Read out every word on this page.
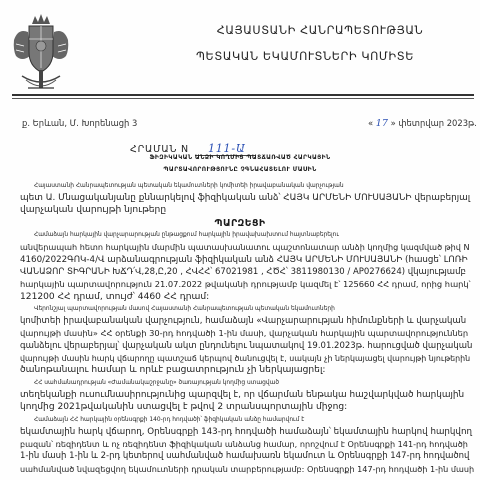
ՀԱՅԱՍՏԱՆԻ ՀԱՆՐԱՊԵՏՈՒԹՅԱՆ
ՊԵՏԱԿԱՆ ԵԿԱՄՈՒՏՆԵՐԻ ԿՈՄԻՏԵ
ք. Երևան, Մ. Խորենացի 3	« 17 » փետրվար 2023թ.
ՀՐԱՄԱՆ N 111-Ա
ՖԻԶԻԿԱԿԱՆ ԱՆՁԻ ԿՈՂՄԻՑ ՊԱՏՃԱՌՎԱԾ ՀԱՐԿԱՅԻՆ
ՊԱՐՏԱՎՈՐՈՒԹՅՈՒՆԸ ՉԳՆԱՀԱՏԵԼՈՒ ՄԱՍԻՆ
Հայաստանի Հանրապետության պետական եկամուտների կոմիտեի իրավաբանական վարչության
պետ Ա. Մնացականյանը քննարկելով ֆիզիկական անձ՝ ՀԱՅԿ ԱՐՄԵՆԻ ՄՈՒՍԱՅԱՆԻ վերաբերյալ
վարչական վարույթի նյութերը
ՊԱՐԶԵՑԻ
Համաձայն հարկային վարչարարության ընթացքում հարկային իրավախախտում հայտնաբերելու
անվերապահ հետո հարկային մարմին պատասխանատու պաշտոնատար անձի կողմից կազմված թիվ N
4160/2022ԳՈԿ-4/Վ արձանագրության ֆիզիկական անձ ՀԱՅԿ ԱՐՄԵՆԻ ՄՈՒՍԱՅԱՆԻ (հասցե՝ ԼՈՌԻ
ՎԱՆԱՁՈՐ ՏԻԳՐԱՆԻ ԽՃԴ՛Վ,28,Ը,20 , ՀՎՀՀ՝ 67021981 , ՀԾՀ՝ 3811980130 / AP0276624) վկայությամբ
հարկային պարտավորություն 21.07.2022 թվականի դրությամբ կազմել է՝ 125660 ՀՀ դրամ, որից հարկ՝
121200 ՀՀ դրամ, տույժ՝ 4460 ՀՀ դրամ:
Վերոնշյալ պարտավորության մասով Հայաստանի Հանրապետության պետական եկամուտների
կոմիտեի իրավաբանական վարչություն, համաձայն «Վարչարարության հիմունքների և վարչական
վարույթի մասին» ՀՀ օրենքի 30-րդ հոդվածի 1-ին մասի, վարչական հարկային պարտավորություններ
գանձելու վերաբերյալ՝ վարչական ակտ ընդունելու նպատակով 19.01.2023թ. հարուցված վարչական
վարույթի մասին հարկ վճարողը պատշաճ կերպով ծանուցվել է, սակայն չի ներկայացել վարույթի նյութերին
ծանոթանալու համար և որևէ բացատրություն չի ներկայացրել:
ՀՀ սահմանադրության «Ժամանակաշրջանը» ծառայության կողմից ստացված
տեղեկանքի ուսումնասիրությունից պարզվել է, որ վճարման ենթակա հաշվարկված հարկային
կողմից 2021թվականին ստացվել է թվով 2 տրանսպորտային միջոց:
Համաձայն ՀՀ հարկային օրենսգրքի 140-րդ հոդվածի՝ ֆիզիկական անձը համարվում է
եկամտային հարկ վճարող, Օրենսգրքի 143-րդ հոդվածի համաձայն՝ եկամտային հարկով հարկվող
բազան՝ ռեզիդենտ և ոչ ռեզիդենտ ֆիզիկական անձանց համար, որոշվում է Օրենսգրքի 141-րդ հոդվածի
1-ին մասի 1-ին և 2-րդ կետերով սահմանված համախառն եկամուտ և Օրենսգրքի 147-րդ հոդվածով
սահմանված նվազեցվող եկամուտների դրական տարբերությամբ: Օրենսգրքի 147-րդ հոդվածի 1-ին մասի
